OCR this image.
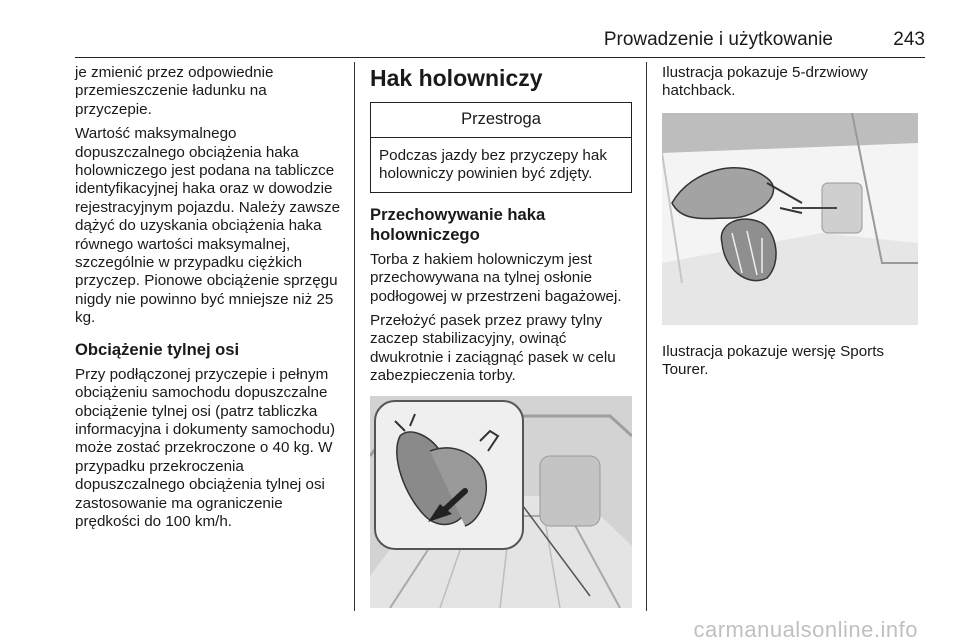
Prowadzenie i użytkowanie	243

je zmienić przez odpowiednie przemieszczenie ładunku na przyczepie.

Wartość maksymalnego dopuszczalnego obciążenia haka holowniczego jest podana na tabliczce identyfikacyjnej haka oraz w dowodzie rejestracyjnym pojazdu. Należy zawsze dążyć do uzyskania obciążenia haka równego wartości maksymalnej, szczególnie w przypadku ciężkich przyczep. Pionowe obciążenie sprzęgu nigdy nie powinno być mniejsze niż 25 kg.

Obciążenie tylnej osi

Przy podłączonej przyczepie i pełnym obciążeniu samochodu dopuszczalne obciążenie tylnej osi (patrz tabliczka informacyjna i dokumenty samochodu) może zostać przekroczone o 40 kg. W przypadku przekroczenia dopuszczalnego obciążenia tylnej osi zastosowanie ma ograniczenie prędkości do 100 km/h.

Hak holowniczy
Przestroga
Podczas jazdy bez przyczepy hak holowniczy powinien być zdjęty.
Przechowywanie haka holowniczego

Torba z hakiem holowniczym jest przechowywana na tylnej osłonie podłogowej w przestrzeni bagażowej.

Przełożyć pasek przez prawy tylny zaczep stabilizacyjny, owinąć dwukrotnie i zaciągnąć pasek w celu zabezpieczenia torby.

Ilustracja pokazuje 5-drzwiowy hatchback.

Ilustracja pokazuje wersję Sports Tourer.

carmanualsonline.info
